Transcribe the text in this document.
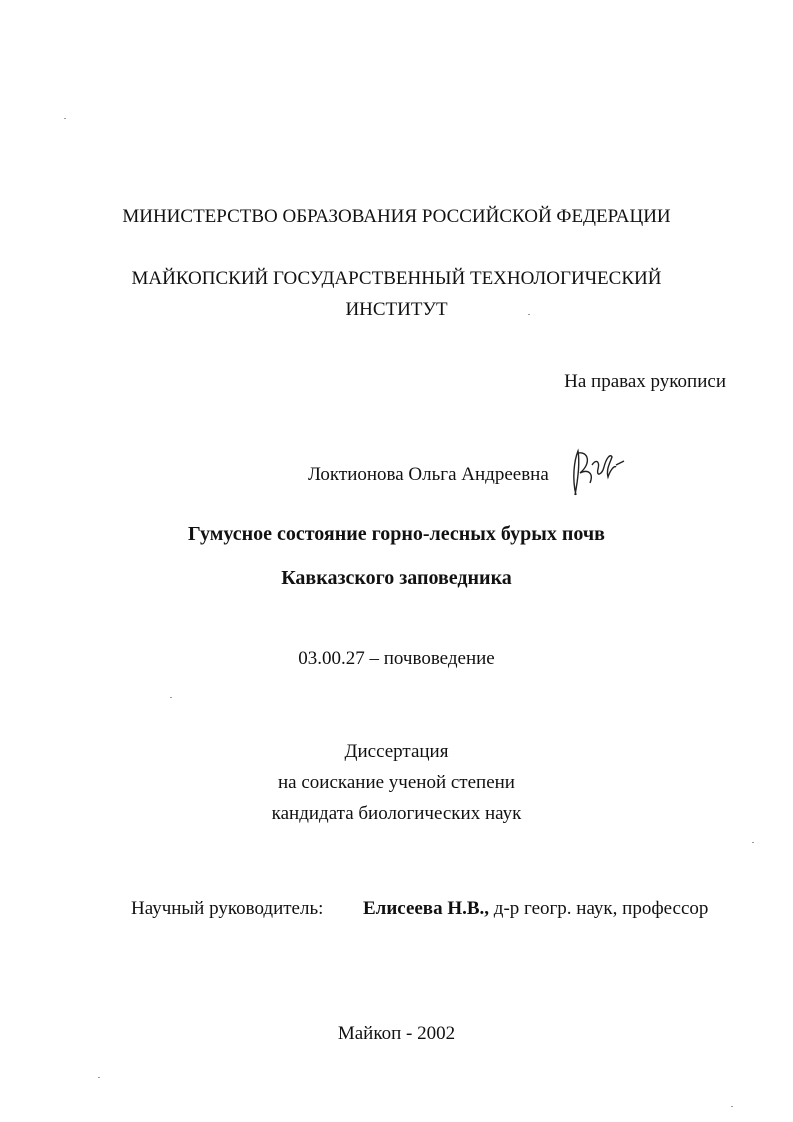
МИНИСТЕРСТВО ОБРАЗОВАНИЯ РОССИЙСКОЙ ФЕДЕРАЦИИ
МАЙКОПСКИЙ ГОСУДАРСТВЕННЫЙ ТЕХНОЛОГИЧЕСКИЙ
ИНСТИТУТ
На правах рукописи
Локтионова Ольга Андреевна
Гумусное состояние горно-лесных бурых почв
Кавказского заповедника
03.00.27 – почвоведение
Диссертация
на соискание ученой степени
кандидата биологических наук
Научный руководитель:	Елисеева Н.В., д-р геогр. наук, профессор
Майкоп - 2002
